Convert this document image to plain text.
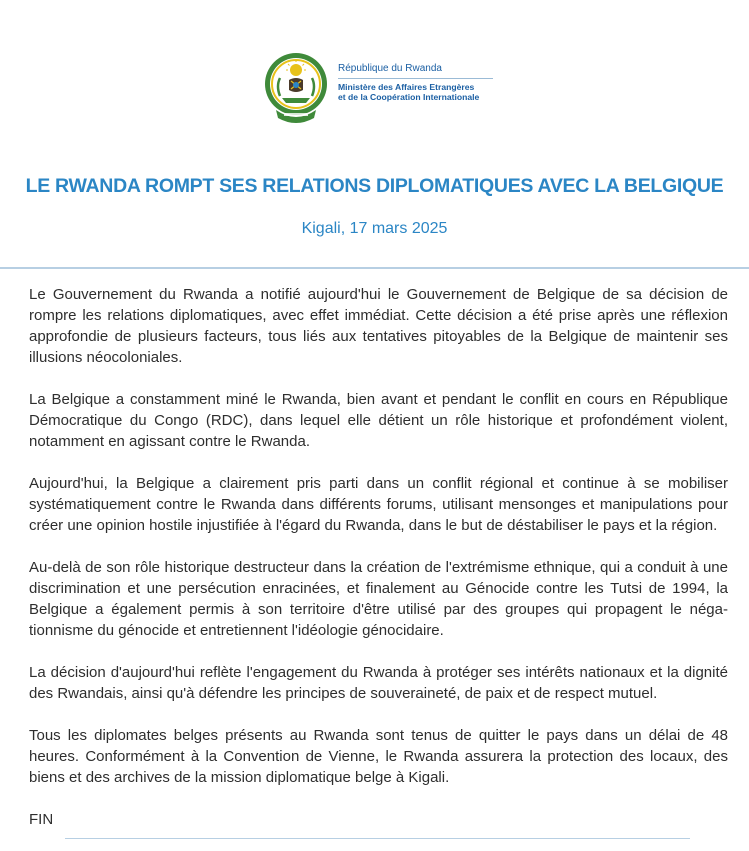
République du Rwanda
Ministère des Affaires Etrangères
et de la Coopération Internationale
LE RWANDA ROMPT SES RELATIONS DIPLOMATIQUES AVEC LA BELGIQUE
Kigali, 17 mars 2025

Le Gouvernement du Rwanda a notifié aujourd'hui le Gouvernement de Belgique de sa décision de rompre les relations diplomatiques, avec effet immédiat. Cette décision a été prise après une réflexion approfondie de plusieurs facteurs, tous liés aux tentatives pitoyables de la Belgique de maintenir ses illusions néocoloniales.

La Belgique a constamment miné le Rwanda, bien avant et pendant le conflit en cours en République Démocratique du Congo (RDC), dans lequel elle détient un rôle historique et profondément violent, notamment en agissant contre le Rwanda.

Aujourd'hui, la Belgique a clairement pris parti dans un conflit régional et continue à se mobiliser systématiquement contre le Rwanda dans différents forums, utilisant mensonges et manipulations pour créer une opinion hostile injustifiée à l'égard du Rwanda, dans le but de déstabiliser le pays et la région.

Au-delà de son rôle historique destructeur dans la création de l'extrémisme ethnique, qui a conduit à une discrimination et une persécution enracinées, et finalement au Génocide contre les Tutsi de 1994, la Belgique a également permis à son territoire d'être utilisé par des groupes qui propagent le négationnisme du génocide et entretiennent l'idéologie génocidaire.

La décision d'aujourd'hui reflète l'engagement du Rwanda à protéger ses intérêts nationaux et la dignité des Rwandais, ainsi qu'à défendre les principes de souveraineté, de paix et de respect mutuel.

Tous les diplomates belges présents au Rwanda sont tenus de quitter le pays dans un délai de 48 heures. Conformément à la Convention de Vienne, le Rwanda assurera la protection des locaux, des biens et des archives de la mission diplomatique belge à Kigali.

FIN
